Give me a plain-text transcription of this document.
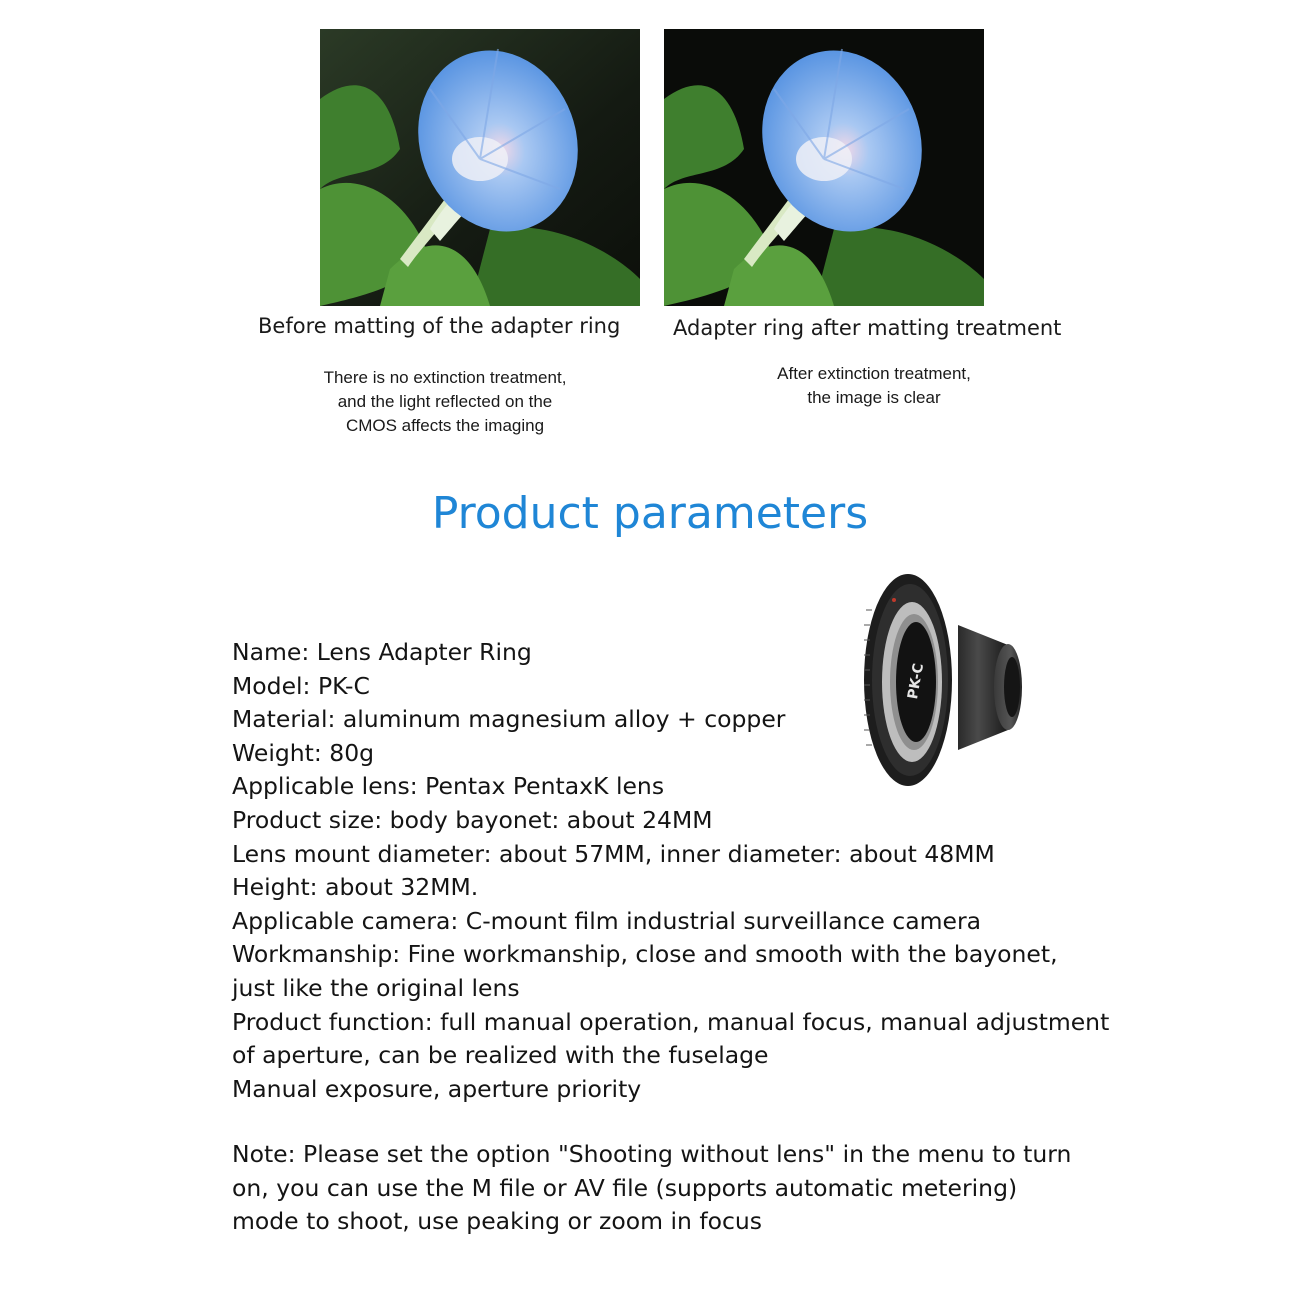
Before matting of the adapter ring	Adapter ring after matting treatment
There is no extinction treatment,
and the light reflected on the
CMOS affects the imaging
After extinction treatment,
the image is clear
Product parameters
PK-C
Name: Lens Adapter Ring
Model: PK-C
Material: aluminum magnesium alloy + copper
Weight: 80g
Applicable lens: Pentax PentaxK lens
Product size: body bayonet: about 24MM
Lens mount diameter: about 57MM, inner diameter: about 48MM
Height: about 32MM.
Applicable camera: C-mount film industrial surveillance camera
Workmanship: Fine workmanship, close and smooth with the bayonet,
just like the original lens
Product function: full manual operation, manual focus, manual adjustment
of aperture, can be realized with the fuselage
Manual exposure, aperture priority
Note: Please set the option "Shooting without lens" in the menu to turn
on, you can use the M file or AV file (supports automatic metering)
mode to shoot, use peaking or zoom in focus
